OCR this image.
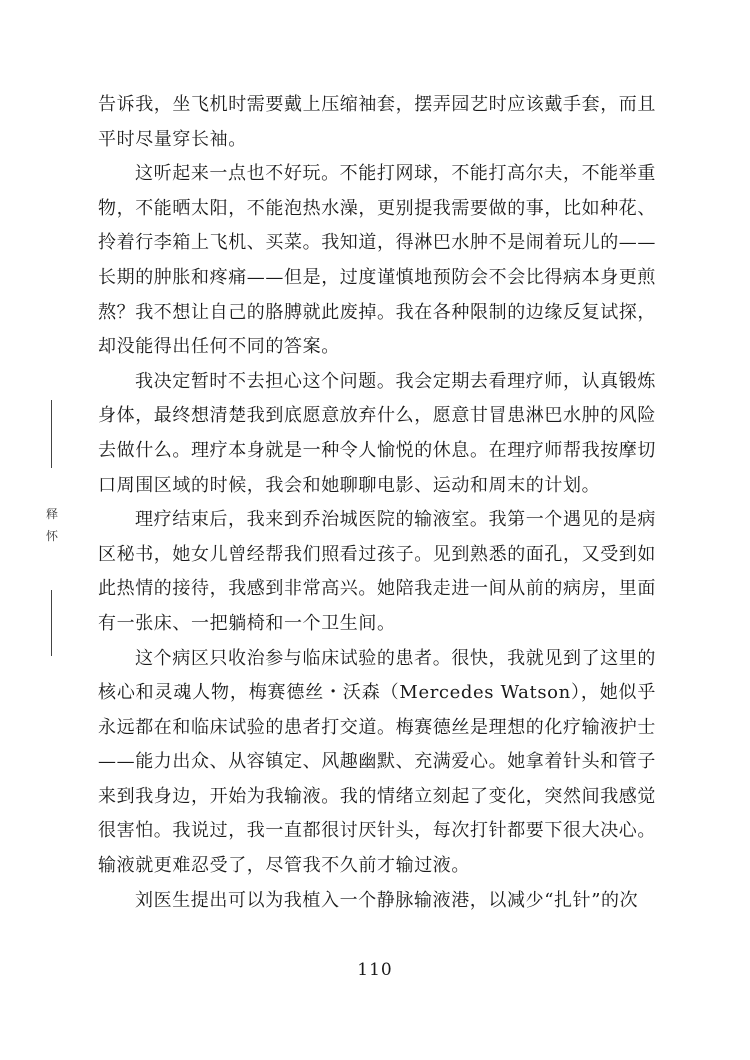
告诉我，坐飞机时需要戴上压缩袖套，摆弄园艺时应该戴手套，而且平时尽量穿长袖。

这听起来一点也不好玩。不能打网球，不能打高尔夫，不能举重物，不能晒太阳，不能泡热水澡，更别提我需要做的事，比如种花、拎着行李箱上飞机、买菜。我知道，得淋巴水肿不是闹着玩儿的——长期的肿胀和疼痛——但是，过度谨慎地预防会不会比得病本身更煎熬？我不想让自己的胳膊就此废掉。我在各种限制的边缘反复试探，却没能得出任何不同的答案。

我决定暂时不去担心这个问题。我会定期去看理疗师，认真锻炼身体，最终想清楚我到底愿意放弃什么，愿意甘冒患淋巴水肿的风险去做什么。理疗本身就是一种令人愉悦的休息。在理疗师帮我按摩切口周围区域的时候，我会和她聊聊电影、运动和周末的计划。

理疗结束后，我来到乔治城医院的输液室。我第一个遇见的是病区秘书，她女儿曾经帮我们照看过孩子。见到熟悉的面孔，又受到如此热情的接待，我感到非常高兴。她陪我走进一间从前的病房，里面有一张床、一把躺椅和一个卫生间。

这个病区只收治参与临床试验的患者。很快，我就见到了这里的核心和灵魂人物，梅赛德丝・沃森（Mercedes Watson），她似乎永远都在和临床试验的患者打交道。梅赛德丝是理想的化疗输液护士——能力出众、从容镇定、风趣幽默、充满爱心。她拿着针头和管子来到我身边，开始为我输液。我的情绪立刻起了变化，突然间我感觉很害怕。我说过，我一直都很讨厌针头，每次打针都要下很大决心。输液就更难忍受了，尽管我不久前才输过液。

刘医生提出可以为我植入一个静脉输液港，以减少“扎针”的次

释
怀
110
